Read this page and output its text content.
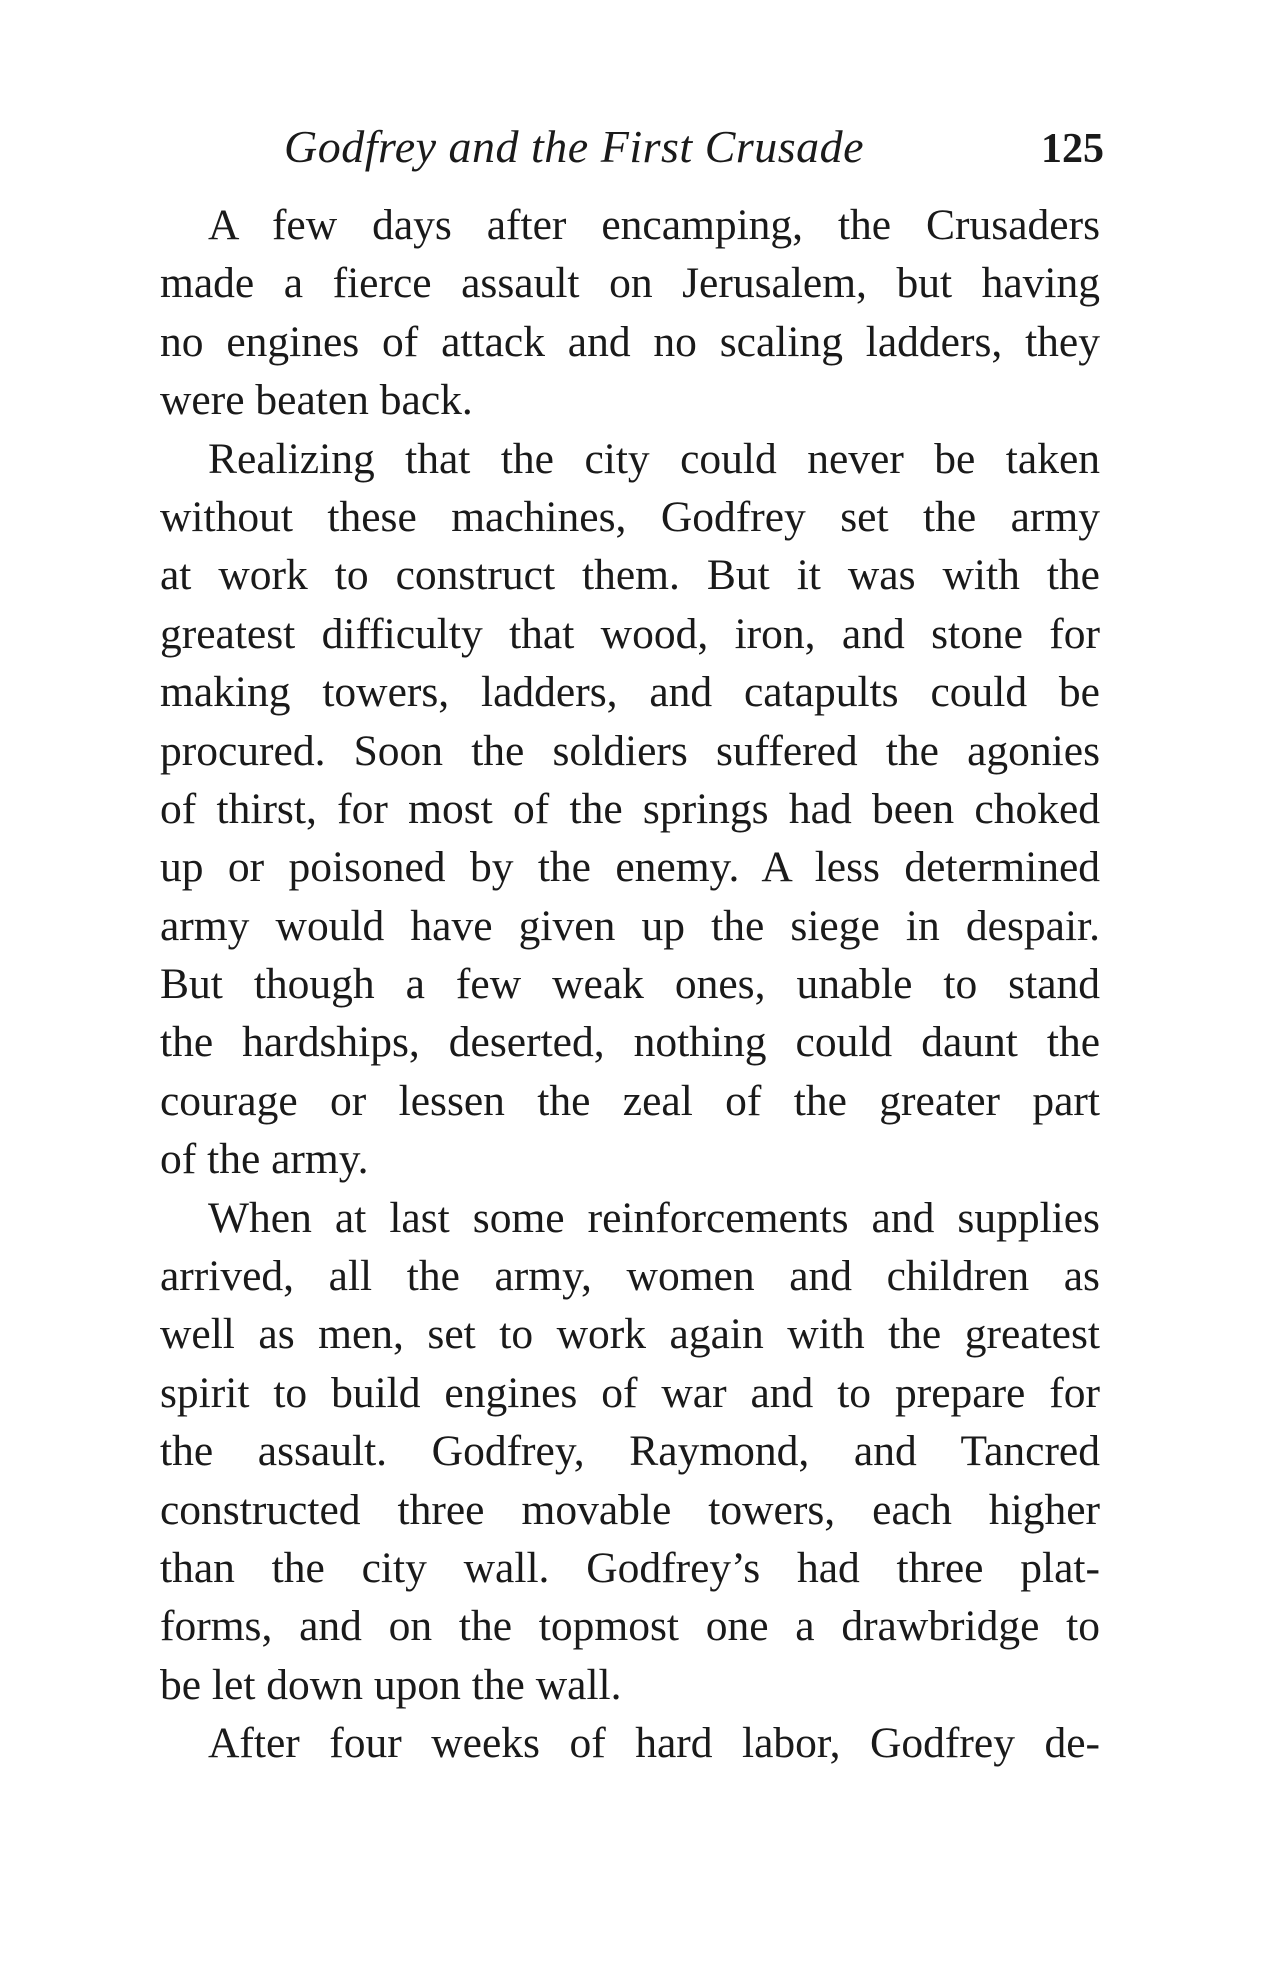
Godfrey and the First Crusade	125
A few days after encamping, the Crusaders
made a fierce assault on Jerusalem, but having
no engines of attack and no scaling ladders, they
were beaten back.
Realizing that the city could never be taken
without these machines, Godfrey set the army
at work to construct them. But it was with the
greatest difficulty that wood, iron, and stone for
making towers, ladders, and catapults could be
procured. Soon the soldiers suffered the agonies
of thirst, for most of the springs had been choked
up or poisoned by the enemy. A less determined
army would have given up the siege in despair.
But though a few weak ones, unable to stand
the hardships, deserted, nothing could daunt the
courage or lessen the zeal of the greater part
of the army.
When at last some reinforcements and supplies
arrived, all the army, women and children as
well as men, set to work again with the greatest
spirit to build engines of war and to prepare for
the assault. Godfrey, Raymond, and Tancred
constructed three movable towers, each higher
than the city wall. Godfrey’s had three plat-
forms, and on the topmost one a drawbridge to
be let down upon the wall.
After four weeks of hard labor, Godfrey de-
